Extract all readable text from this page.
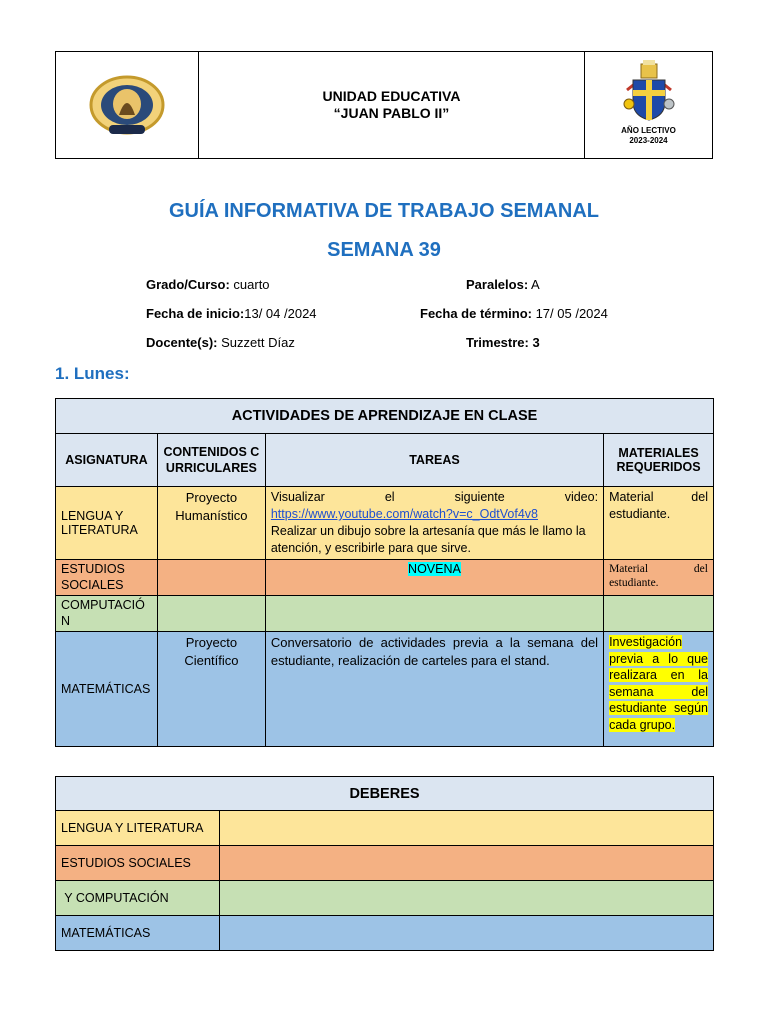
UNIDAD EDUCATIVA
“JUAN PABLO II”
AÑO LECTIVO
2023-2024
GUÍA INFORMATIVA DE TRABAJO SEMANAL
SEMANA 39
Grado/Curso: cuarto	Paralelos: A
Fecha de inicio:13/ 04 /2024	Fecha de término: 17/ 05 /2024
Docente(s): Suzzett Díaz	Trimestre: 3
1. Lunes:
ACTIVIDADES DE APRENDIZAJE EN CLASE			
ASIGNATURA	CONTENIDOS CURRICULARES	TAREAS	MATERIALES REQUERIDOS
LENGUA Y LITERATURA	Proyecto Humanístico	Visualizar el siguiente video:
https://www.youtube.com/watch?v=c_OdtVof4v8
Realizar un dibujo sobre la artesanía que más le llamo la atención, y escribirle para que sirve.	Material del estudiante.
ESTUDIOS SOCIALES		NOVENA	Material del estudiante.
COMPUTACIÓN			
MATEMÁTICAS	Proyecto Científico	Conversatorio de actividades previa a la semana del estudiante, realización de carteles para el stand.	Investigación previa a lo que realizara en la semana del estudiante según cada grupo.
DEBERES	
LENGUA Y LITERATURA	
ESTUDIOS SOCIALES	
Y COMPUTACIÓN	
MATEMÁTICAS	
